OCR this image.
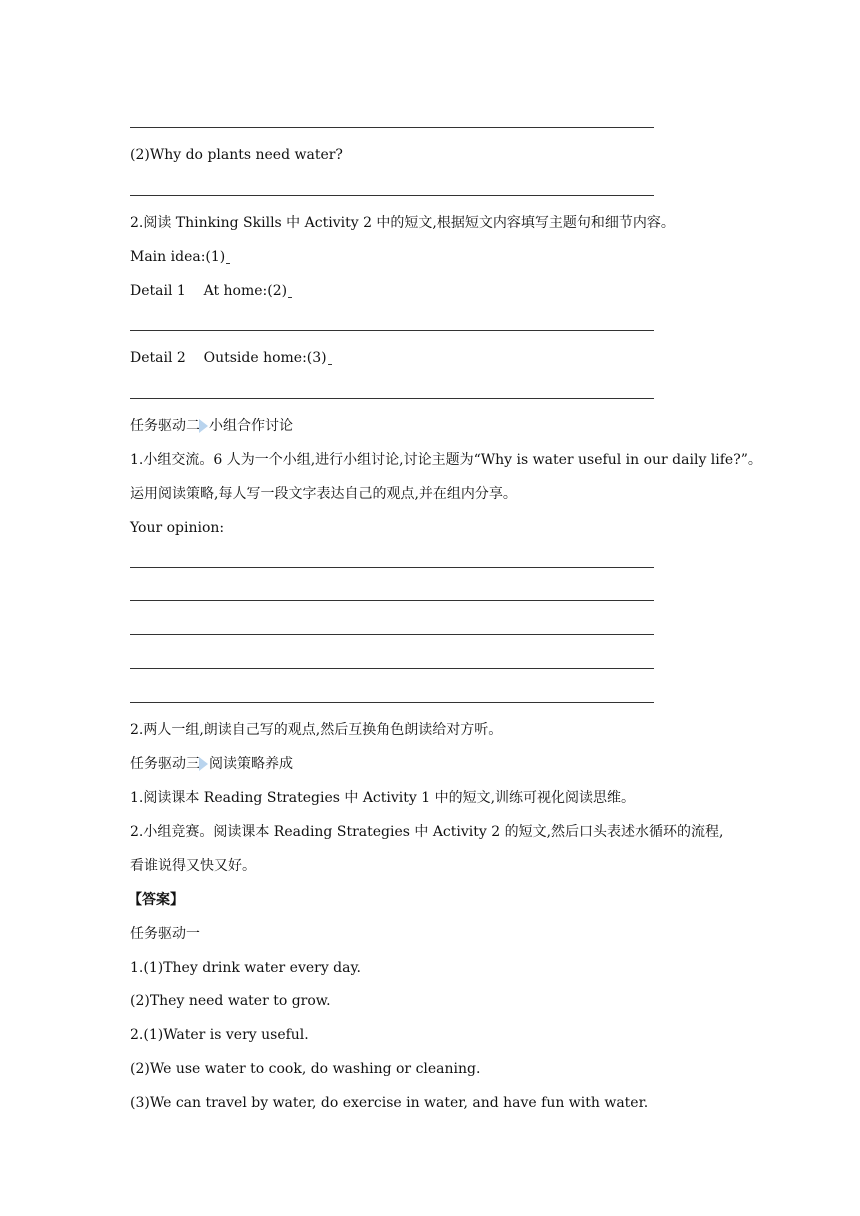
(2)Why do plants need water?
2.阅读 Thinking Skills 中 Activity 2 中的短文,根据短文内容填写主题句和细节内容。
Main idea:(1)
Detail 1    At home:(2)
Detail 2    Outside home:(3)
任务驱动二 小组合作讨论
1.小组交流。6 人为一个小组,进行小组讨论,讨论主题为“Why is water useful in our daily life?”。
运用阅读策略,每人写一段文字表达自己的观点,并在组内分享。
Your opinion:
2.两人一组,朗读自己写的观点,然后互换角色朗读给对方听。
任务驱动三 阅读策略养成
1.阅读课本 Reading Strategies 中 Activity 1 中的短文,训练可视化阅读思维。
2.小组竞赛。阅读课本 Reading Strategies 中 Activity 2 的短文,然后口头表述水循环的流程,
看谁说得又快又好。
【答案】
任务驱动一
1.(1)They drink water every day.
(2)They need water to grow.
2.(1)Water is very useful.
(2)We use water to cook, do washing or cleaning.
(3)We can travel by water, do exercise in water, and have fun with water.
